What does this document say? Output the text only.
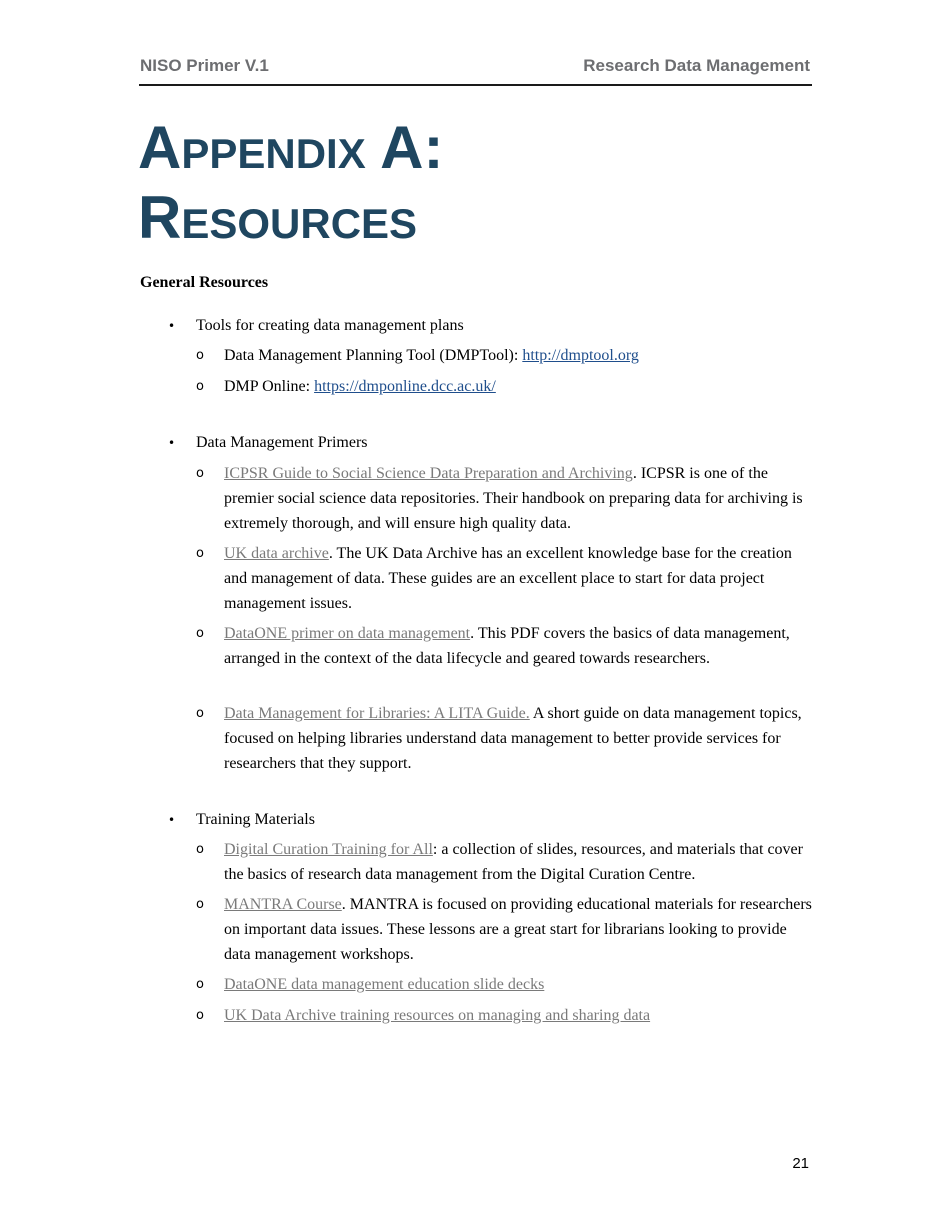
NISO Primer V.1	Research Data Management
Appendix A:
Resources
General Resources
• Tools for creating data management plans
o Data Management Planning Tool (DMPTool): http://dmptool.org
o DMP Online: https://dmponline.dcc.ac.uk/
• Data Management Primers
o ICPSR Guide to Social Science Data Preparation and Archiving. ICPSR is one of the premier social science data repositories. Their handbook on preparing data for archiving is extremely thorough, and will ensure high quality data.
o UK data archive. The UK Data Archive has an excellent knowledge base for the creation and management of data. These guides are an excellent place to start for data project management issues.
o DataONE primer on data management. This PDF covers the basics of data management, arranged in the context of the data lifecycle and geared towards researchers.
o Data Management for Libraries: A LITA Guide. A short guide on data management topics, focused on helping libraries understand data management to better provide services for researchers that they support.
• Training Materials
o Digital Curation Training for All: a collection of slides, resources, and materials that cover the basics of research data management from the Digital Curation Centre.
o MANTRA Course. MANTRA is focused on providing educational materials for researchers on important data issues. These lessons are a great start for librarians looking to provide data management workshops.
o DataONE data management education slide decks
o UK Data Archive training resources on managing and sharing data
21
